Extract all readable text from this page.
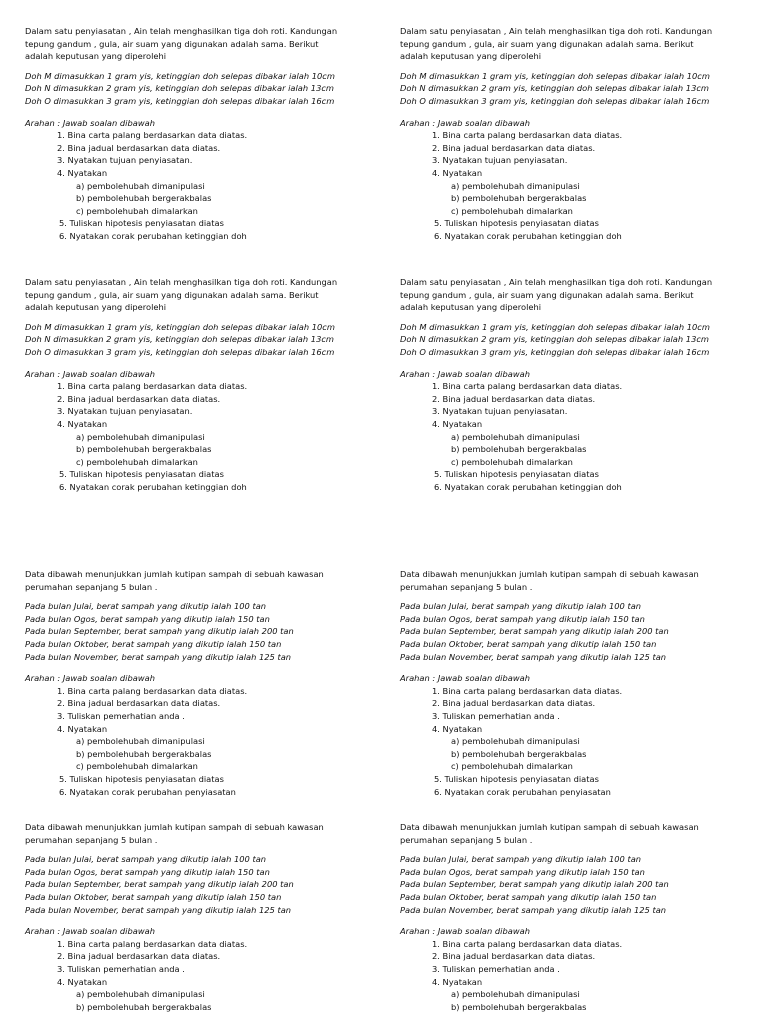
Dalam satu penyiasatan , Ain telah menghasilkan tiga doh roti. Kandungan
tepung gandum , gula, air suam yang digunakan adalah sama. Berikut
adalah keputusan yang diperolehi
Doh M dimasukkan 1 gram yis, ketinggian doh selepas dibakar ialah 10cm
Doh N dimasukkan 2 gram yis, ketinggian doh selepas dibakar ialah 13cm
Doh O dimasukkan 3 gram yis, ketinggian doh selepas dibakar ialah 16cm
Arahan : Jawab soalan dibawah
1. Bina carta palang berdasarkan data diatas.
2. Bina jadual berdasarkan data diatas.
3. Nyatakan tujuan penyiasatan.
4. Nyatakan
a) pembolehubah dimanipulasi
b) pembolehubah bergerakbalas
c) pembolehubah dimalarkan
5. Tuliskan hipotesis penyiasatan diatas
6. Nyatakan corak perubahan ketinggian doh
Dalam satu penyiasatan , Ain telah menghasilkan tiga doh roti. Kandungan
tepung gandum , gula, air suam yang digunakan adalah sama. Berikut
adalah keputusan yang diperolehi
Doh M dimasukkan 1 gram yis, ketinggian doh selepas dibakar ialah 10cm
Doh N dimasukkan 2 gram yis, ketinggian doh selepas dibakar ialah 13cm
Doh O dimasukkan 3 gram yis, ketinggian doh selepas dibakar ialah 16cm
Arahan : Jawab soalan dibawah
1. Bina carta palang berdasarkan data diatas.
2. Bina jadual berdasarkan data diatas.
3. Nyatakan tujuan penyiasatan.
4. Nyatakan
a) pembolehubah dimanipulasi
b) pembolehubah bergerakbalas
c) pembolehubah dimalarkan
5. Tuliskan hipotesis penyiasatan diatas
6. Nyatakan corak perubahan ketinggian doh
Dalam satu penyiasatan , Ain telah menghasilkan tiga doh roti. Kandungan
tepung gandum , gula, air suam yang digunakan adalah sama. Berikut
adalah keputusan yang diperolehi
Doh M dimasukkan 1 gram yis, ketinggian doh selepas dibakar ialah 10cm
Doh N dimasukkan 2 gram yis, ketinggian doh selepas dibakar ialah 13cm
Doh O dimasukkan 3 gram yis, ketinggian doh selepas dibakar ialah 16cm
Arahan : Jawab soalan dibawah
1. Bina carta palang berdasarkan data diatas.
2. Bina jadual berdasarkan data diatas.
3. Nyatakan tujuan penyiasatan.
4. Nyatakan
a) pembolehubah dimanipulasi
b) pembolehubah bergerakbalas
c) pembolehubah dimalarkan
5. Tuliskan hipotesis penyiasatan diatas
6. Nyatakan corak perubahan ketinggian doh
Dalam satu penyiasatan , Ain telah menghasilkan tiga doh roti. Kandungan
tepung gandum , gula, air suam yang digunakan adalah sama. Berikut
adalah keputusan yang diperolehi
Doh M dimasukkan 1 gram yis, ketinggian doh selepas dibakar ialah 10cm
Doh N dimasukkan 2 gram yis, ketinggian doh selepas dibakar ialah 13cm
Doh O dimasukkan 3 gram yis, ketinggian doh selepas dibakar ialah 16cm
Arahan : Jawab soalan dibawah
1. Bina carta palang berdasarkan data diatas.
2. Bina jadual berdasarkan data diatas.
3. Nyatakan tujuan penyiasatan.
4. Nyatakan
a) pembolehubah dimanipulasi
b) pembolehubah bergerakbalas
c) pembolehubah dimalarkan
5. Tuliskan hipotesis penyiasatan diatas
6. Nyatakan corak perubahan ketinggian doh
Data dibawah menunjukkan jumlah kutipan sampah di sebuah kawasan
perumahan sepanjang 5 bulan .
Pada bulan Julai, berat sampah yang dikutip ialah 100 tan
Pada bulan Ogos, berat sampah yang dikutip ialah 150 tan
Pada bulan September, berat sampah yang dikutip ialah 200 tan
Pada bulan Oktober, berat sampah yang dikutip ialah 150 tan
Pada bulan November, berat sampah yang dikutip ialah 125 tan
Arahan : Jawab soalan dibawah
1. Bina carta palang berdasarkan data diatas.
2. Bina jadual berdasarkan data diatas.
3. Tuliskan pemerhatian anda .
4. Nyatakan
a) pembolehubah dimanipulasi
b) pembolehubah bergerakbalas
c) pembolehubah dimalarkan
5. Tuliskan hipotesis penyiasatan diatas
6. Nyatakan corak perubahan penyiasatan
Data dibawah menunjukkan jumlah kutipan sampah di sebuah kawasan
perumahan sepanjang 5 bulan .
Pada bulan Julai, berat sampah yang dikutip ialah 100 tan
Pada bulan Ogos, berat sampah yang dikutip ialah 150 tan
Pada bulan September, berat sampah yang dikutip ialah 200 tan
Pada bulan Oktober, berat sampah yang dikutip ialah 150 tan
Pada bulan November, berat sampah yang dikutip ialah 125 tan
Arahan : Jawab soalan dibawah
1. Bina carta palang berdasarkan data diatas.
2. Bina jadual berdasarkan data diatas.
3. Tuliskan pemerhatian anda .
4. Nyatakan
a) pembolehubah dimanipulasi
b) pembolehubah bergerakbalas
c) pembolehubah dimalarkan
5. Tuliskan hipotesis penyiasatan diatas
6. Nyatakan corak perubahan penyiasatan
Data dibawah menunjukkan jumlah kutipan sampah di sebuah kawasan
perumahan sepanjang 5 bulan .
Pada bulan Julai, berat sampah yang dikutip ialah 100 tan
Pada bulan Ogos, berat sampah yang dikutip ialah 150 tan
Pada bulan September, berat sampah yang dikutip ialah 200 tan
Pada bulan Oktober, berat sampah yang dikutip ialah 150 tan
Pada bulan November, berat sampah yang dikutip ialah 125 tan
Arahan : Jawab soalan dibawah
1. Bina carta palang berdasarkan data diatas.
2. Bina jadual berdasarkan data diatas.
3. Tuliskan pemerhatian anda .
4. Nyatakan
a) pembolehubah dimanipulasi
b) pembolehubah bergerakbalas
Data dibawah menunjukkan jumlah kutipan sampah di sebuah kawasan
perumahan sepanjang 5 bulan .
Pada bulan Julai, berat sampah yang dikutip ialah 100 tan
Pada bulan Ogos, berat sampah yang dikutip ialah 150 tan
Pada bulan September, berat sampah yang dikutip ialah 200 tan
Pada bulan Oktober, berat sampah yang dikutip ialah 150 tan
Pada bulan November, berat sampah yang dikutip ialah 125 tan
Arahan : Jawab soalan dibawah
1. Bina carta palang berdasarkan data diatas.
2. Bina jadual berdasarkan data diatas.
3. Tuliskan pemerhatian anda .
4. Nyatakan
a) pembolehubah dimanipulasi
b) pembolehubah bergerakbalas
